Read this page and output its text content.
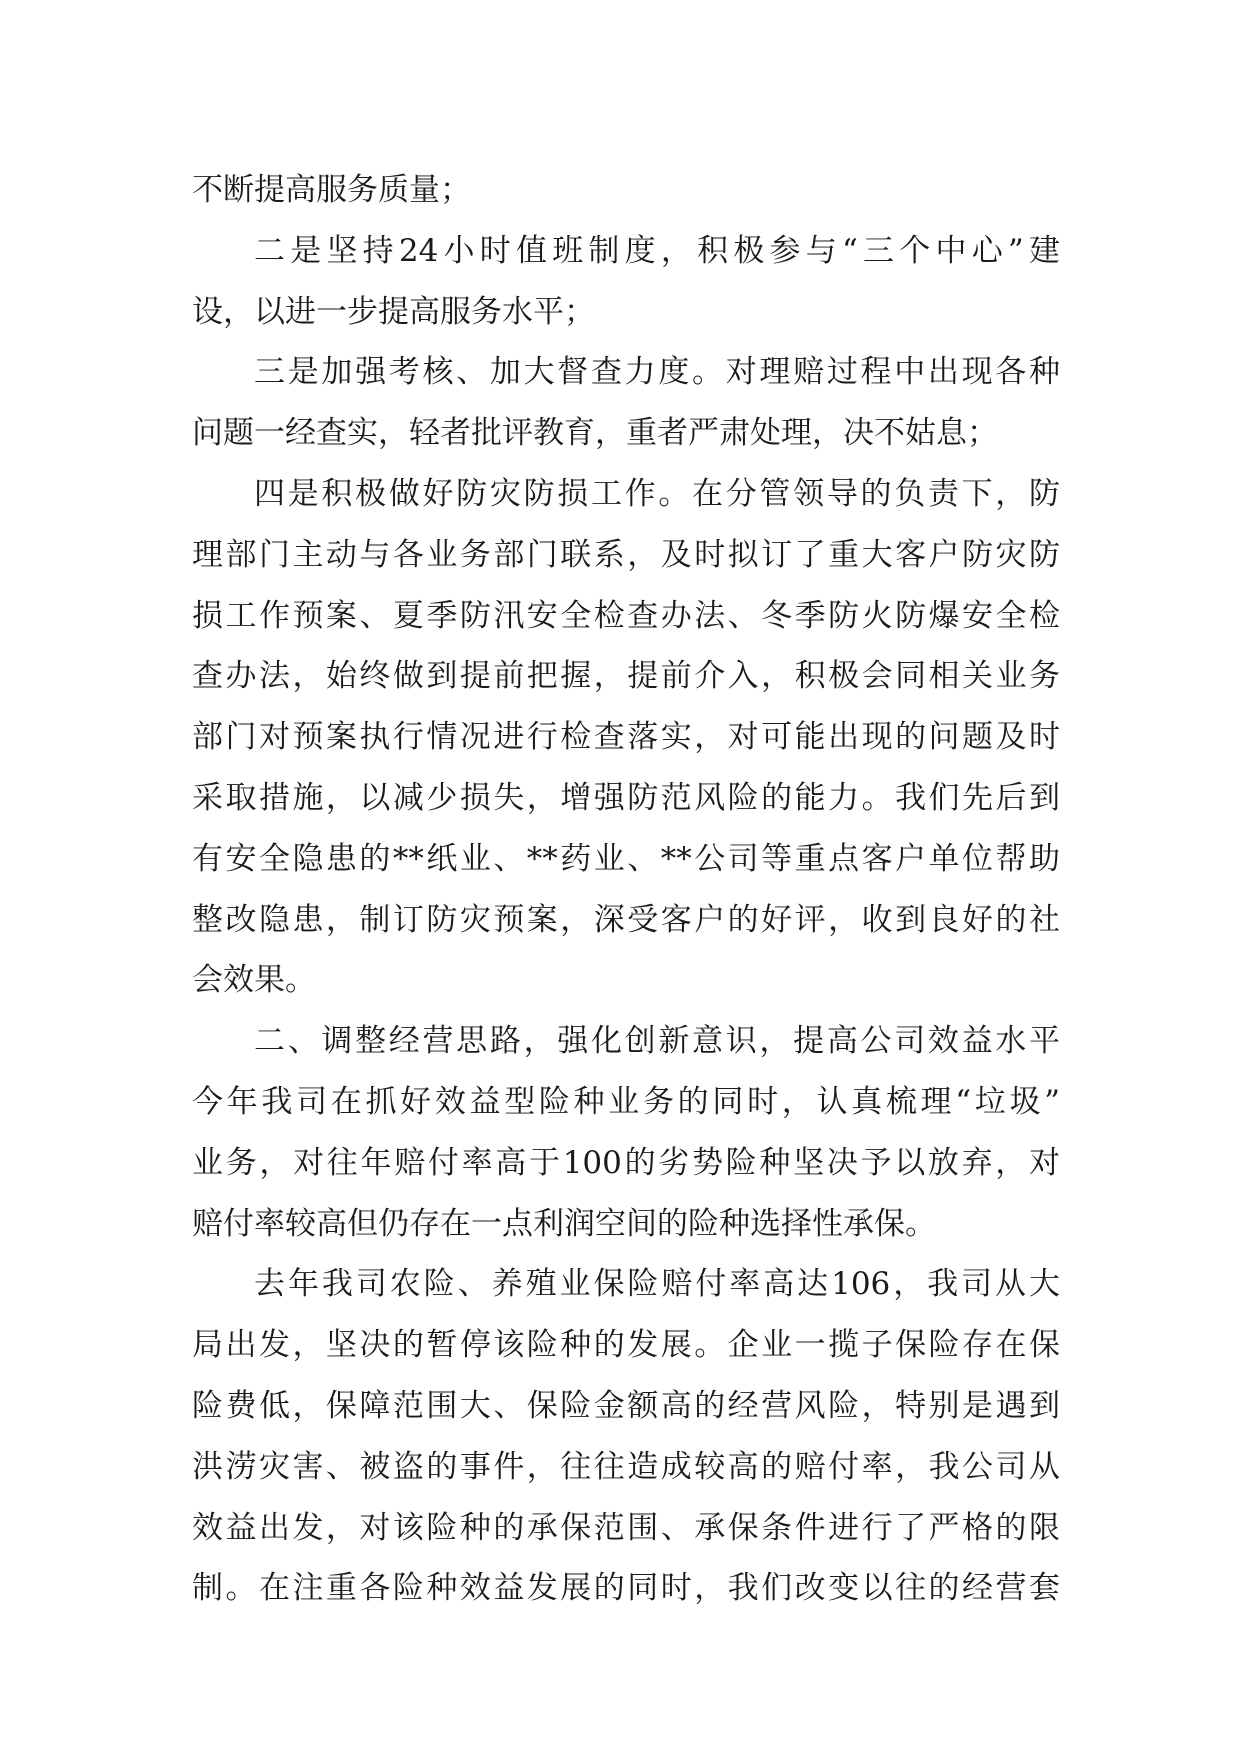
不断提高服务质量；
二是坚持24小时值班制度，积极参与“三个中心”建
设，以进一步提高服务水平；
三是加强考核、加大督查力度。对理赔过程中出现各种
问题一经查实，轻者批评教育，重者严肃处理，决不姑息；
四是积极做好防灾防损工作。在分管领导的负责下，防
理部门主动与各业务部门联系，及时拟订了重大客户防灾防
损工作预案、夏季防汛安全检查办法、冬季防火防爆安全检
查办法，始终做到提前把握，提前介入，积极会同相关业务
部门对预案执行情况进行检查落实，对可能出现的问题及时
采取措施，以减少损失，增强防范风险的能力。我们先后到
有安全隐患的**纸业、**药业、**公司等重点客户单位帮助
整改隐患，制订防灾预案，深受客户的好评，收到良好的社
会效果。
二、调整经营思路，强化创新意识，提高公司效益水平
今年我司在抓好效益型险种业务的同时，认真梳理“垃圾”
业务，对往年赔付率高于100的劣势险种坚决予以放弃，对
赔付率较高但仍存在一点利润空间的险种选择性承保。
去年我司农险、养殖业保险赔付率高达106，我司从大
局出发，坚决的暂停该险种的发展。企业一揽子保险存在保
险费低，保障范围大、保险金额高的经营风险，特别是遇到
洪涝灾害、被盗的事件，往往造成较高的赔付率，我公司从
效益出发，对该险种的承保范围、承保条件进行了严格的限
制。在注重各险种效益发展的同时，我们改变以往的经营套
